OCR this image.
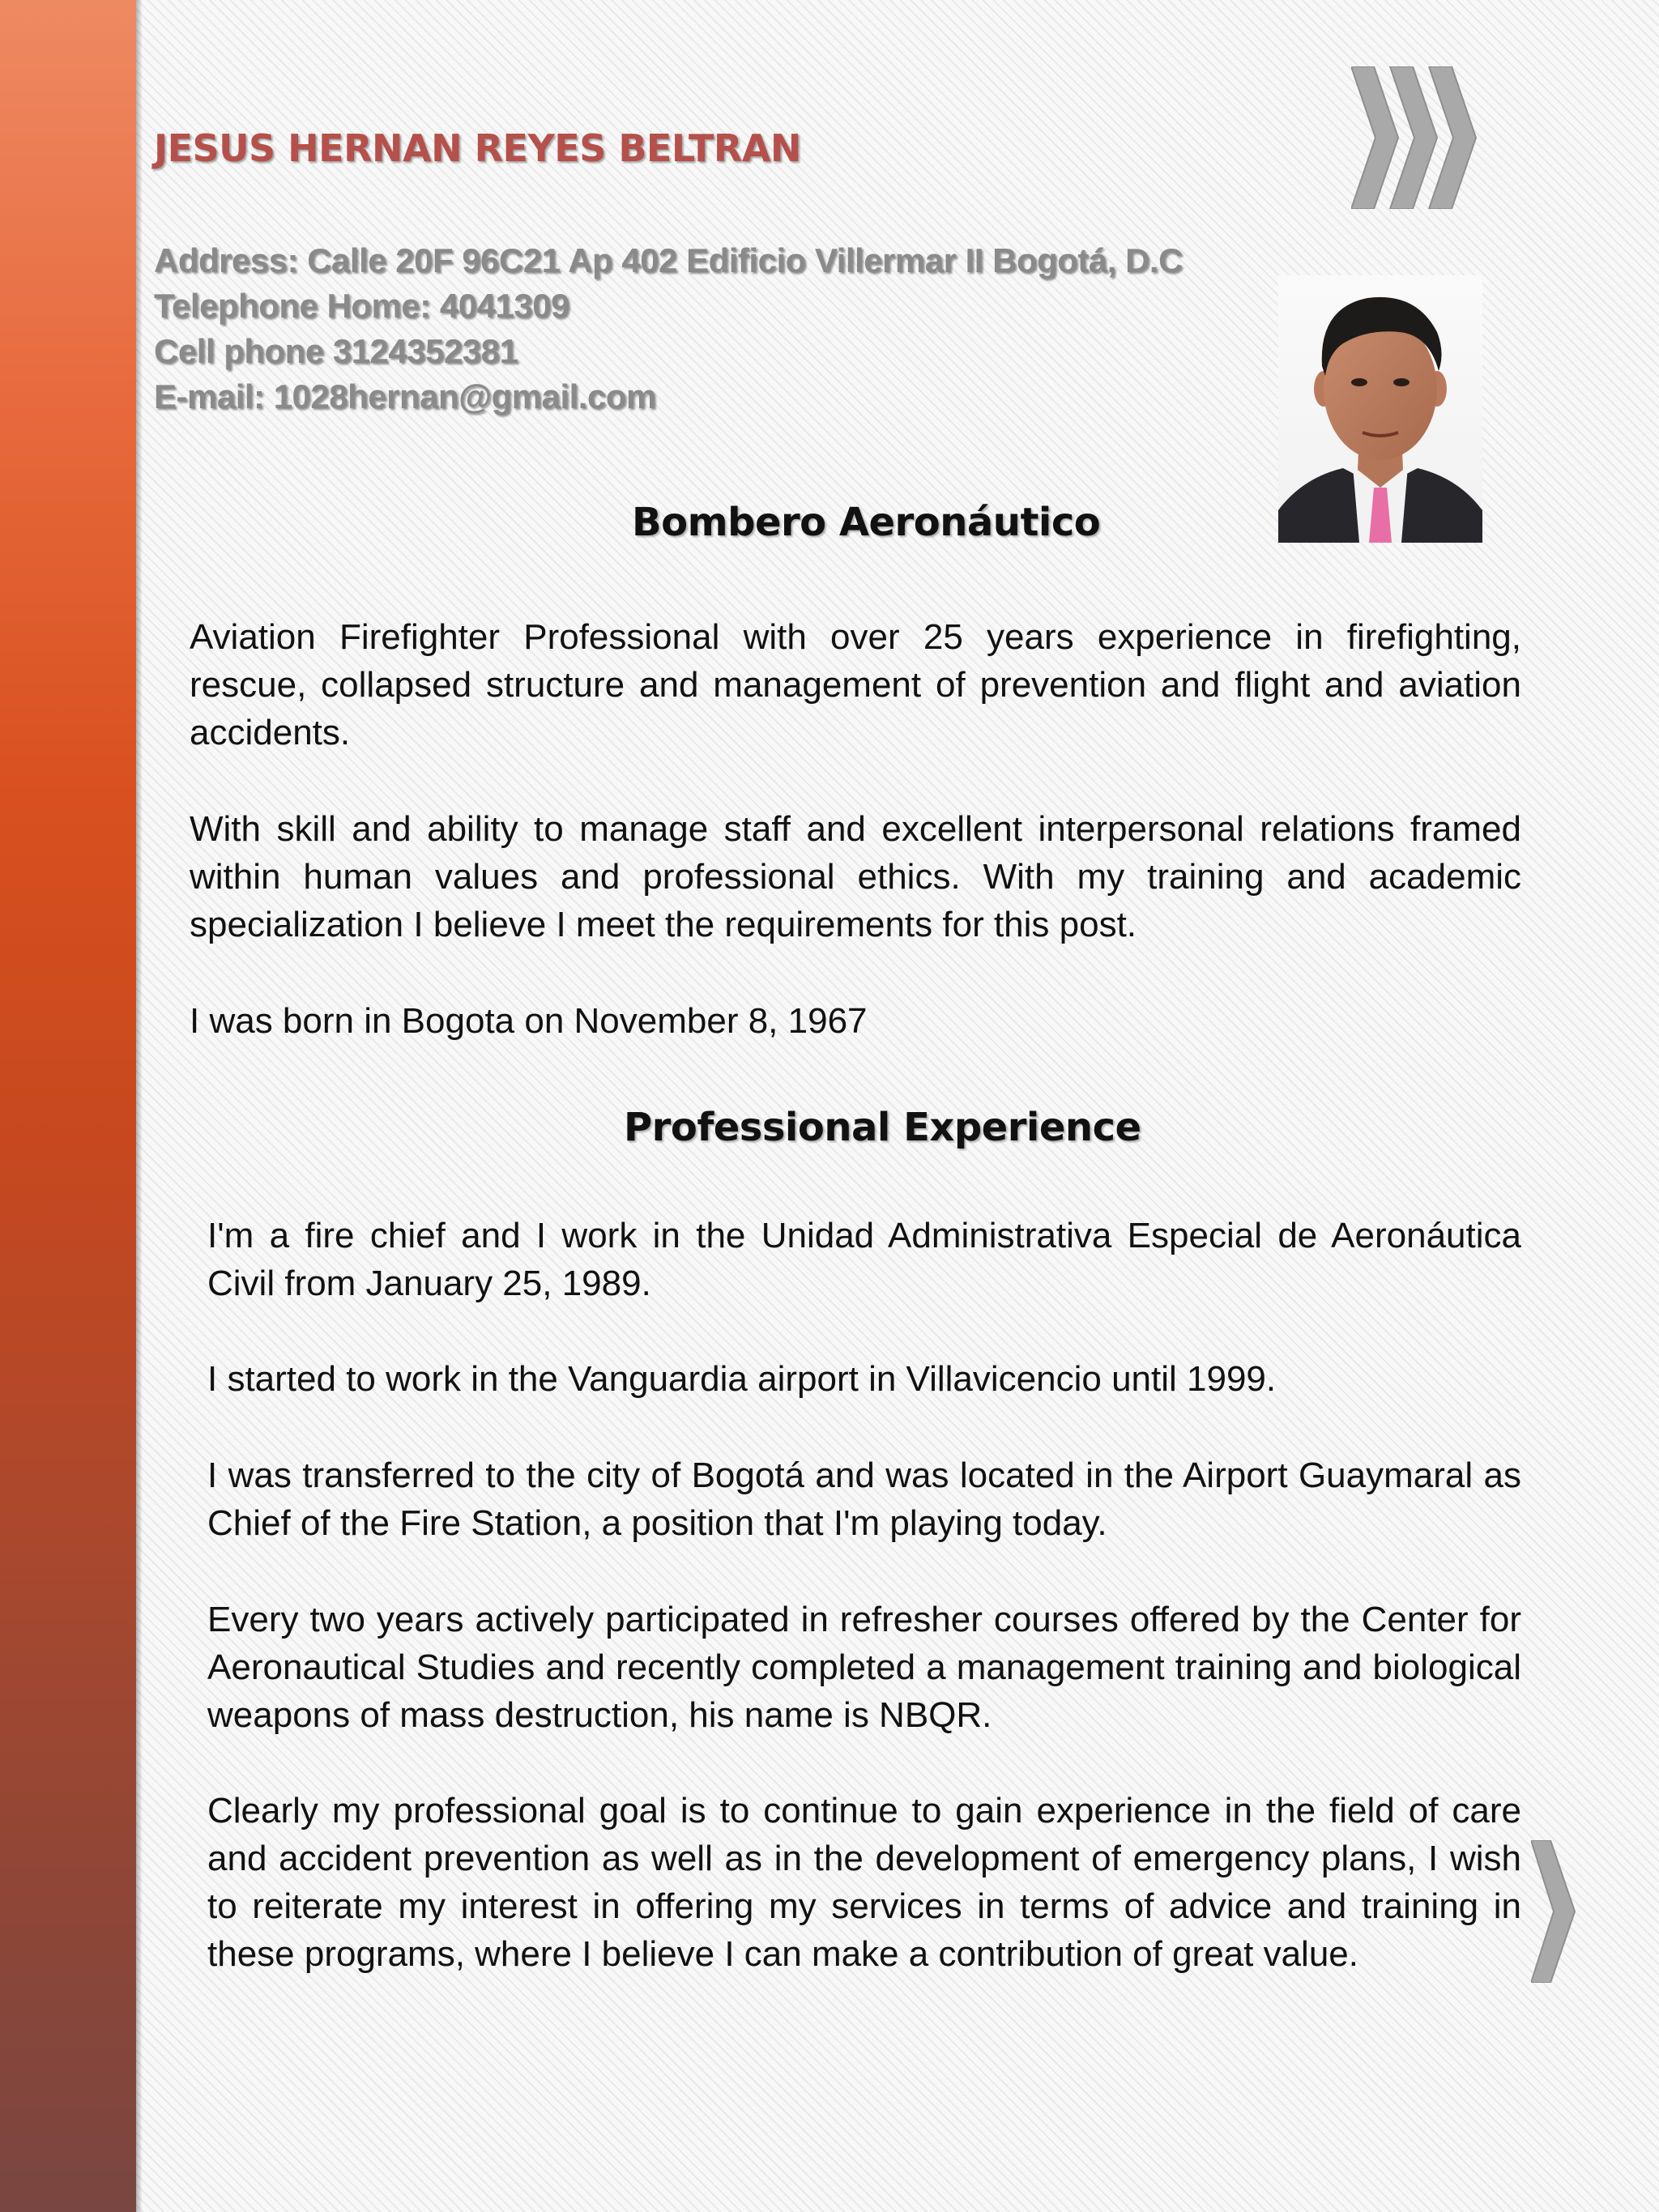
JESUS HERNAN REYES BELTRAN
Address: Calle 20F 96C21 Ap 402 Edificio Villermar II Bogotá, D.C
Telephone Home: 4041309
Cell phone 3124352381
E-mail: 1028hernan@gmail.com
Bombero Aeronáutico

Aviation Firefighter Professional with over 25 years experience in firefighting, rescue, collapsed structure and management of prevention and flight and aviation accidents.

With skill and ability to manage staff and excellent interpersonal relations framed within human values and professional ethics. With my training and academic specialization I believe I meet the requirements for this post.

I was born in Bogota on November 8, 1967

Professional Experience

I'm a fire chief and I work in the Unidad Administrativa Especial de Aeronáutica Civil from January 25, 1989.

I started to work in the Vanguardia airport in Villavicencio until 1999.

I was transferred to the city of Bogotá and was located in the Airport Guaymaral as Chief of the Fire Station, a position that I'm playing today.

Every two years actively participated in refresher courses offered by the Center for Aeronautical Studies and recently completed a management training and biological weapons of mass destruction, his name is NBQR.

Clearly my professional goal is to continue to gain experience in the field of care and accident prevention as well as in the development of emergency plans, I wish to reiterate my interest in offering my services in terms of advice and training in these programs, where I believe I can make a contribution of great value.
